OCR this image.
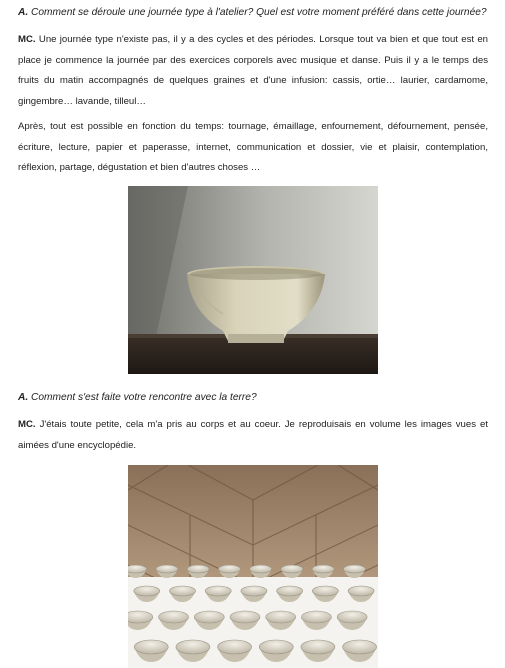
A. Comment se déroule une journée type à l'atelier? Quel est votre moment préféré dans cette journée?

MC. Une journée type n'existe pas, il y a des cycles et des périodes. Lorsque tout va bien et que tout est en place je commence la journée par des exercices corporels avec musique et danse. Puis il y a le temps des fruits du matin accompagnés de quelques graines et d'une infusion: cassis, ortie… laurier, cardamome, gingembre… lavande, tilleul…

Après, tout est possible en fonction du temps: tournage, émaillage, enfournement, défournement, pensée, écriture, lecture, papier et paperasse, internet, communication et dossier, vie et plaisir, contemplation, réflexion, partage, dégustation et bien d'autres choses …

A. Comment s'est faite votre rencontre avec la terre?

MC. J'étais toute petite, cela m'a pris au corps et au coeur. Je reproduisais en volume les images vues et aimées d'une encyclopédie.
